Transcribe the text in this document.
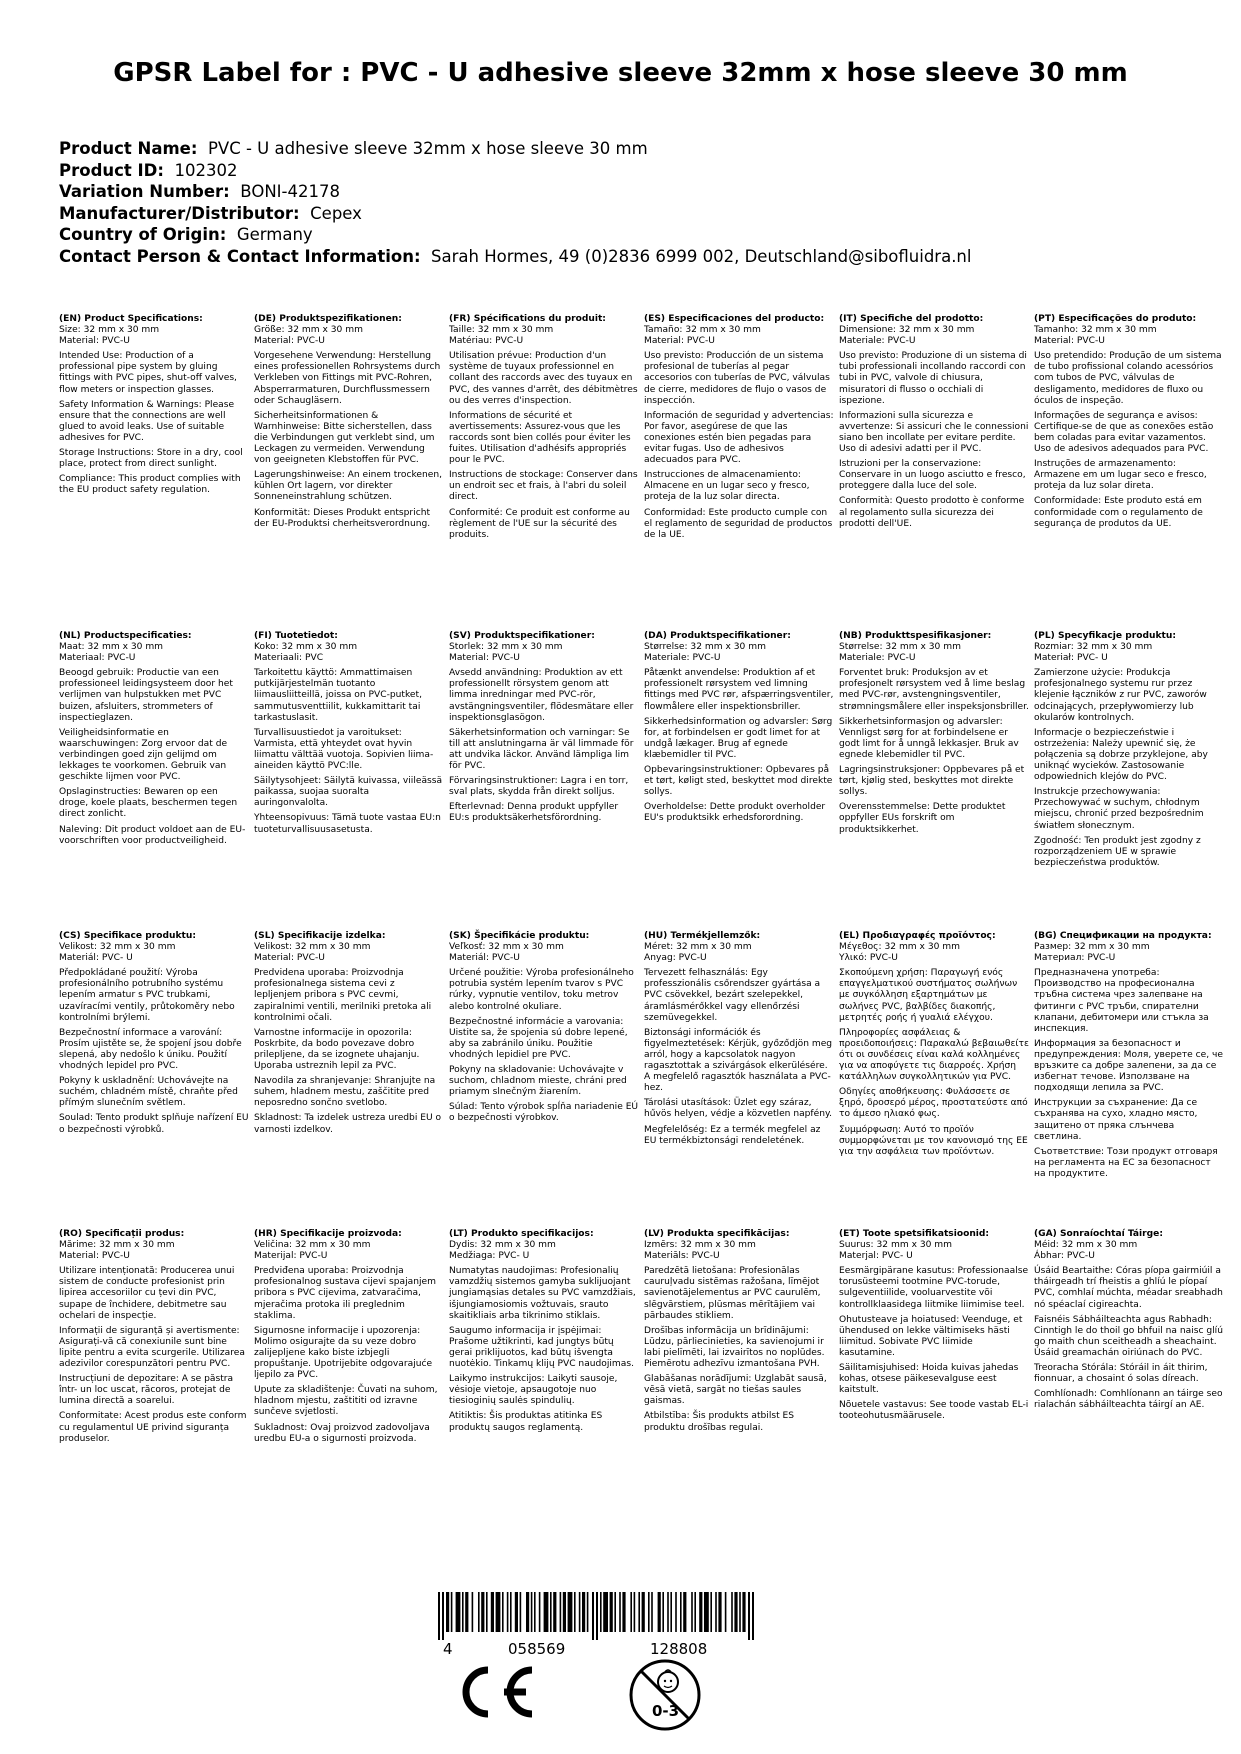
GPSR Label for : PVC - U adhesive sleeve 32mm x hose sleeve 30 mm
Product Name: PVC - U adhesive sleeve 32mm x hose sleeve 30 mm
Product ID: 102302
Variation Number: BONI-42178
Manufacturer/Distributor: Cepex
Country of Origin: Germany
Contact Person & Contact Information: Sarah Hormes, 49 (0)2836 6999 002, Deutschland@sibofluidra.nl
(EN) Product Specifications:

Size: 32 mm x 30 mm

Material: PVC-U

Intended Use: Production of a professional pipe system by gluing fittings with PVC pipes, shut-off valves, flow meters or inspection glasses.

Safety Information & Warnings: Please ensure that the connections are well glued to avoid leaks. Use of suitable adhesives for PVC.

Storage Instructions: Store in a dry, cool place, protect from direct sunlight.

Compliance: This product complies with the EU product safety regulation.

(DE) Produktspezifikationen:

Größe: 32 mm x 30 mm

Material: PVC-U

Vorgesehene Verwendung: Herstellung eines professionellen Rohrsystems durch Verkleben von Fittings mit PVC-Rohren, Absperrarmaturen, Durchflussmessern oder Schaugläsern.

Sicherheitsinformationen & Warnhinweise: Bitte sicherstellen, dass die Verbindungen gut verklebt sind, um Leckagen zu vermeiden. Verwendung von geeigneten Klebstoffen für PVC.

Lagerungshinweise: An einem trockenen, kühlen Ort lagern, vor direkter Sonneneinstrahlung schützen.

Konformität: Dieses Produkt entspricht der EU-Produktsi cherheitsverordnung.

(FR) Spécifications du produit:

Taille: 32 mm x 30 mm

Matériau: PVC-U

Utilisation prévue: Production d'un système de tuyaux professionnel en collant des raccords avec des tuyaux en PVC, des vannes d'arrêt, des débitmètres ou des verres d'inspection.

Informations de sécurité et avertissements: Assurez-vous que les raccords sont bien collés pour éviter les fuites. Utilisation d'adhésifs appropriés pour le PVC.

Instructions de stockage: Conserver dans un endroit sec et frais, à l'abri du soleil direct.

Conformité: Ce produit est conforme au règlement de l'UE sur la sécurité des produits.

(ES) Especificaciones del producto:

Tamaño: 32 mm x 30 mm

Material: PVC-U

Uso previsto: Producción de un sistema profesional de tuberías al pegar accesorios con tuberías de PVC, válvulas de cierre, medidores de flujo o vasos de inspección.

Información de seguridad y advertencias: Por favor, asegúrese de que las conexiones estén bien pegadas para evitar fugas. Uso de adhesivos adecuados para PVC.

Instrucciones de almacenamiento: Almacene en un lugar seco y fresco, proteja de la luz solar directa.

Conformidad: Este producto cumple con el reglamento de seguridad de productos de la UE.

(IT) Specifiche del prodotto:

Dimensione: 32 mm x 30 mm

Materiale: PVC-U

Uso previsto: Produzione di un sistema di tubi professionali incollando raccordi con tubi in PVC, valvole di chiusura, misuratori di flusso o occhiali di ispezione.

Informazioni sulla sicurezza e avvertenze: Si assicuri che le connessioni siano ben incollate per evitare perdite. Uso di adesivi adatti per il PVC.

Istruzioni per la conservazione: Conservare in un luogo asciutto e fresco, proteggere dalla luce del sole.

Conformità: Questo prodotto è conforme al regolamento sulla sicurezza dei prodotti dell'UE.

(PT) Especificações do produto:

Tamanho: 32 mm x 30 mm

Material: PVC-U

Uso pretendido: Produção de um sistema de tubo profissional colando acessórios com tubos de PVC, válvulas de desligamento, medidores de fluxo ou óculos de inspeção.

Informações de segurança e avisos: Certifique-se de que as conexões estão bem coladas para evitar vazamentos. Uso de adesivos adequados para PVC.

Instruções de armazenamento: Armazene em um lugar seco e fresco, proteja da luz solar direta.

Conformidade: Este produto está em conformidade com o regulamento de segurança de produtos da UE.

(NL) Productspecificaties:

Maat: 32 mm x 30 mm

Materiaal: PVC-U

Beoogd gebruik: Productie van een professioneel leidingsysteem door het verlijmen van hulpstukken met PVC buizen, afsluiters, strommeters of inspectieglazen.

Veiligheidsinformatie en waarschuwingen: Zorg ervoor dat de verbindingen goed zijn gelijmd om lekkages te voorkomen. Gebruik van geschikte lijmen voor PVC.

Opslaginstructies: Bewaren op een droge, koele plaats, beschermen tegen direct zonlicht.

Naleving: Dit product voldoet aan de EU-voorschriften voor productveiligheid.

(FI) Tuotetiedot:

Koko: 32 mm x 30 mm

Materiaali: PVC

Tarkoitettu käyttö: Ammattimaisen putkijärjestelmän tuotanto liimausliitteillä, joissa on PVC-putket, sammutusventtiilit, kukkamittarit tai tarkastuslasit.

Turvallisuustiedot ja varoitukset: Varmista, että yhteydet ovat hyvin liimattu välttää vuotoja. Sopivien liima-aineiden käyttö PVC:lle.

Säilytysohjeet: Säilytä kuivassa, viileässä paikassa, suojaa suoralta auringonvalolta.

Yhteensopivuus: Tämä tuote vastaa EU:n tuoteturvallisuusasetusta.

(SV) Produktspecifikationer:

Storlek: 32 mm x 30 mm

Material: PVC-U

Avsedd användning: Produktion av ett professionellt rörsystem genom att limma inredningar med PVC-rör, avstängningsventiler, flödesmätare eller inspektionsglasögon.

Säkerhetsinformation och varningar: Se till att anslutningarna är väl limmade för att undvika läckor. Använd lämpliga lim för PVC.

Förvaringsinstruktioner: Lagra i en torr, sval plats, skydda från direkt solljus.

Efterlevnad: Denna produkt uppfyller EU:s produktsäkerhetsförordning.

(DA) Produktspecifikationer:

Størrelse: 32 mm x 30 mm

Materiale: PVC-U

Påtænkt anvendelse: Produktion af et professionelt rørsystem ved limning fittings med PVC rør, afspærringsventiler, flowmålere eller inspektionsbriller.

Sikkerhedsinformation og advarsler: Sørg for, at forbindelsen er godt limet for at undgå lækager. Brug af egnede klæbemidler til PVC.

Opbevaringsinstruktioner: Opbevares på et tørt, køligt sted, beskyttet mod direkte sollys.

Overholdelse: Dette produkt overholder EU's produktsikk erhedsforordning.

(NB) Produkttspesifikasjoner:

Størrelse: 32 mm x 30 mm

Materiale: PVC-U

Forventet bruk: Produksjon av et profesjonelt rørsystem ved å lime beslag med PVC-rør, avstengningsventiler, strømningsmålere eller inspeksjonsbriller.

Sikkerhetsinformasjon og advarsler: Vennligst sørg for at forbindelsene er godt limt for å unngå lekkasjer. Bruk av egnede klebemidler til PVC.

Lagringsinstruksjoner: Oppbevares på et tørt, kjølig sted, beskyttes mot direkte sollys.

Overensstemmelse: Dette produktet oppfyller EUs forskrift om produktsikkerhet.

(PL) Specyfikacje produktu:

Rozmiar: 32 mm x 30 mm

Materiał: PVC- U

Zamierzone użycie: Produkcja profesjonalnego systemu rur przez klejenie łączników z rur PVC, zaworów odcinających, przepływomierzy lub okularów kontrolnych.

Informacje o bezpieczeństwie i ostrzeżenia: Należy upewnić się, że połączenia są dobrze przyklejone, aby uniknąć wycieków. Zastosowanie odpowiednich klejów do PVC.

Instrukcje przechowywania: Przechowywać w suchym, chłodnym miejscu, chronić przed bezpośrednim światłem słonecznym.

Zgodność: Ten produkt jest zgodny z rozporządzeniem UE w sprawie bezpieczeństwa produktów.

(CS) Specifikace produktu:

Velikost: 32 mm x 30 mm

Materiál: PVC- U

Předpokládané použití: Výroba profesionálního potrubního systému lepením armatur s PVC trubkami, uzavíracími ventily, průtokoměry nebo kontrolními brýlemi.

Bezpečnostní informace a varování: Prosím ujistěte se, že spojení jsou dobře slepená, aby nedošlo k úniku. Použití vhodných lepidel pro PVC.

Pokyny k uskladnění: Uchovávejte na suchém, chladném místě, chraňte před přímým slunečním světlem.

Soulad: Tento produkt splňuje nařízení EU o bezpečnosti výrobků.

(SL) Specifikacije izdelka:

Velikost: 32 mm x 30 mm

Material: PVC-U

Predvidena uporaba: Proizvodnja profesionalnega sistema cevi z lepljenjem pribora s PVC cevmi, zapiralnimi ventili, merilniki pretoka ali kontrolnimi očali.

Varnostne informacije in opozorila: Poskrbite, da bodo povezave dobro prilepljene, da se izognete uhajanju. Uporaba ustreznih lepil za PVC.

Navodila za shranjevanje: Shranjujte na suhem, hladnem mestu, zaščitite pred neposredno sončno svetlobo.

Skladnost: Ta izdelek ustreza uredbi EU o varnosti izdelkov.

(SK) Špecifikácie produktu:

Veľkosť: 32 mm x 30 mm

Materiál: PVC-U

Určené použitie: Výroba profesionálneho potrubia systém lepením tvarov s PVC rúrky, vypnutie ventilov, toku metrov alebo kontrolné okuliare.

Bezpečnostné informácie a varovania: Uistite sa, že spojenia sú dobre lepené, aby sa zabránilo úniku. Použitie vhodných lepidiel pre PVC.

Pokyny na skladovanie: Uchovávajte v suchom, chladnom mieste, chráni pred priamym slnečným žiarením.

Súlad: Tento výrobok spĺňa nariadenie EÚ o bezpečnosti výrobkov.

(HU) Termékjellemzők:

Méret: 32 mm x 30 mm

Anyag: PVC-U

Tervezett felhasználás: Egy professzionális csőrendszer gyártása a PVC csövekkel, bezárt szelepekkel, áramlásmérőkkel vagy ellenőrzési szemüvegekkel.

Biztonsági információk és figyelmeztetések: Kérjük, győződjön meg arról, hogy a kapcsolatok nagyon ragasztottak a szivárgások elkerülésére. A megfelelő ragasztók használata a PVC-hez.

Tárolási utasítások: Üzlet egy száraz, hűvös helyen, védje a közvetlen napfény.

Megfelelőség: Ez a termék megfelel az EU termékbiztonsági rendeletének.

(EL) Προδιαγραφές προϊόντος:

Μέγεθος: 32 mm x 30 mm

Υλικό: PVC-U

Σκοπούμενη χρήση: Παραγωγή ενός επαγγελματικού συστήματος σωλήνων με συγκόλληση εξαρτημάτων με σωλήνες PVC, βαλβίδες διακοπής, μετρητές ροής ή γυαλιά ελέγχου.

Πληροφορίες ασφάλειας & προειδοποιήσεις: Παρακαλώ βεβαιωθείτε ότι οι συνδέσεις είναι καλά κολλημένες για να αποφύγετε τις διαρροές. Χρήση κατάλληλων συγκολλητικών για PVC.

Οδηγίες αποθήκευσης: Φυλάσσετε σε ξηρό, δροσερό μέρος, προστατεύστε από το άμεσο ηλιακό φως.

Συμμόρφωση: Αυτό το προϊόν συμμορφώνεται με τον κανονισμό της ΕΕ για την ασφάλεια των προϊόντων.

(BG) Спецификации на продукта:

Размер: 32 mm x 30 mm

Материал: PVC-U

Предназначена употреба: Производство на професионална тръбна система чрез залепване на фитинги с PVC тръби, спирателни клапани, дебитомери или стъкла за инспекция.

Информация за безопасност и предупреждения: Моля, уверете се, че връзките са добре залепени, за да се избегнат течове. Използване на подходящи лепила за PVC.

Инструкции за съхранение: Да се съхранява на сухо, хладно място, защитено от пряка слънчева светлина.

Съответствие: Този продукт отговаря на регламента на ЕС за безопасност на продуктите.

(RO) Specificații produs:

Mărime: 32 mm x 30 mm

Material: PVC-U

Utilizare intenționată: Producerea unui sistem de conducte profesionist prin lipirea accesoriilor cu țevi din PVC, supape de închidere, debitmetre sau ochelari de inspecție.

Informații de siguranță și avertismente: Asigurați-vă că conexiunile sunt bine lipite pentru a evita scurgerile. Utilizarea adezivilor corespunzători pentru PVC.

Instrucțiuni de depozitare: A se păstra într- un loc uscat, răcoros, protejat de lumina directă a soarelui.

Conformitate: Acest produs este conform cu regulamentul UE privind siguranța produselor.

(HR) Specifikacije proizvoda:

Veličina: 32 mm x 30 mm

Materijal: PVC-U

Predviđena uporaba: Proizvodnja profesionalnog sustava cijevi spajanjem pribora s PVC cijevima, zatvaračima, mjeračima protoka ili preglednim staklima.

Sigurnosne informacije i upozorenja: Molimo osigurajte da su veze dobro zalijepljene kako biste izbjegli propuštanje. Upotrijebite odgovarajuće ljepilo za PVC.

Upute za skladištenje: Čuvati na suhom, hladnom mjestu, zaštititi od izravne sunčeve svjetlosti.

Sukladnost: Ovaj proizvod zadovoljava uredbu EU-a o sigurnosti proizvoda.

(LT) Produkto specifikacijos:

Dydis: 32 mm x 30 mm

Medžiaga: PVC- U

Numatytas naudojimas: Profesionalių vamzdžių sistemos gamyba suklijuojant jungiamąsias detales su PVC vamzdžiais, išjungiamosiomis vožtuvais, srauto skaitikliais arba tikrinimo stiklais.

Saugumo informacija ir įspėjimai: Prašome užtikrinti, kad jungtys būtų gerai priklijuotos, kad būtų išvengta nuotėkio. Tinkamų klijų PVC naudojimas.

Laikymo instrukcijos: Laikyti sausoje, vėsioje vietoje, apsaugotoje nuo tiesioginių saulės spindulių.

Atitiktis: Šis produktas atitinka ES produktų saugos reglamentą.

(LV) Produkta specifikācijas:

Izmērs: 32 mm x 30 mm

Materiāls: PVC-U

Paredzētā lietošana: Profesionālas cauruļvadu sistēmas ražošana, līmējot savienotājelementus ar PVC caurulēm, slēgvārstiem, plūsmas mērītājiem vai pārbaudes stikliem.

Drošības informācija un brīdinājumi: Lūdzu, pārliecinieties, ka savienojumi ir labi pielīmēti, lai izvairītos no noplūdes. Piemērotu adhezīvu izmantošana PVH.

Glabāšanas norādījumi: Uzglabāt sausā, vēsā vietā, sargāt no tiešas saules gaismas.

Atbilstība: Šis produkts atbilst ES produktu drošības regulai.

(ET) Toote spetsifikatsioonid:

Suurus: 32 mm x 30 mm

Materjal: PVC- U

Eesmärgipärane kasutus: Professionaalse torusüsteemi tootmine PVC-torude, sulgeventiilide, vooluarvestite või kontrollklaasidega liitmike liimimise teel.

Ohutusteave ja hoiatused: Veenduge, et ühendused on lekke vältimiseks hästi liimitud. Sobivate PVC liimide kasutamine.

Säilitamisjuhised: Hoida kuivas jahedas kohas, otsese päikesevalguse eest kaitstult.

Nõuetele vastavus: See toode vastab EL-i tooteohutusmäärusele.

(GA) Sonraíochtaí Táirge:

Méid: 32 mm x 30 mm

Ábhar: PVC-U

Úsáid Beartaithe: Córas píopa gairmiúil a tháirgeadh trí fheistis a ghlíú le píopaí PVC, comhlaí múchta, méadar sreabhadh nó spéaclaí cigireachta.

Faisnéis Sábháilteachta agus Rabhadh: Cinntigh le do thoil go bhfuil na naisc glíú go maith chun sceitheadh a sheachaint. Úsáid greamachán oiriúnach do PVC.

Treoracha Stórála: Stóráil in áit thirim, fionnuar, a chosaint ó solas díreach.

Comhlíonadh: Comhlíonann an táirge seo rialachán sábháilteachta táirgí an AE.

4	058569	128808
0-3
